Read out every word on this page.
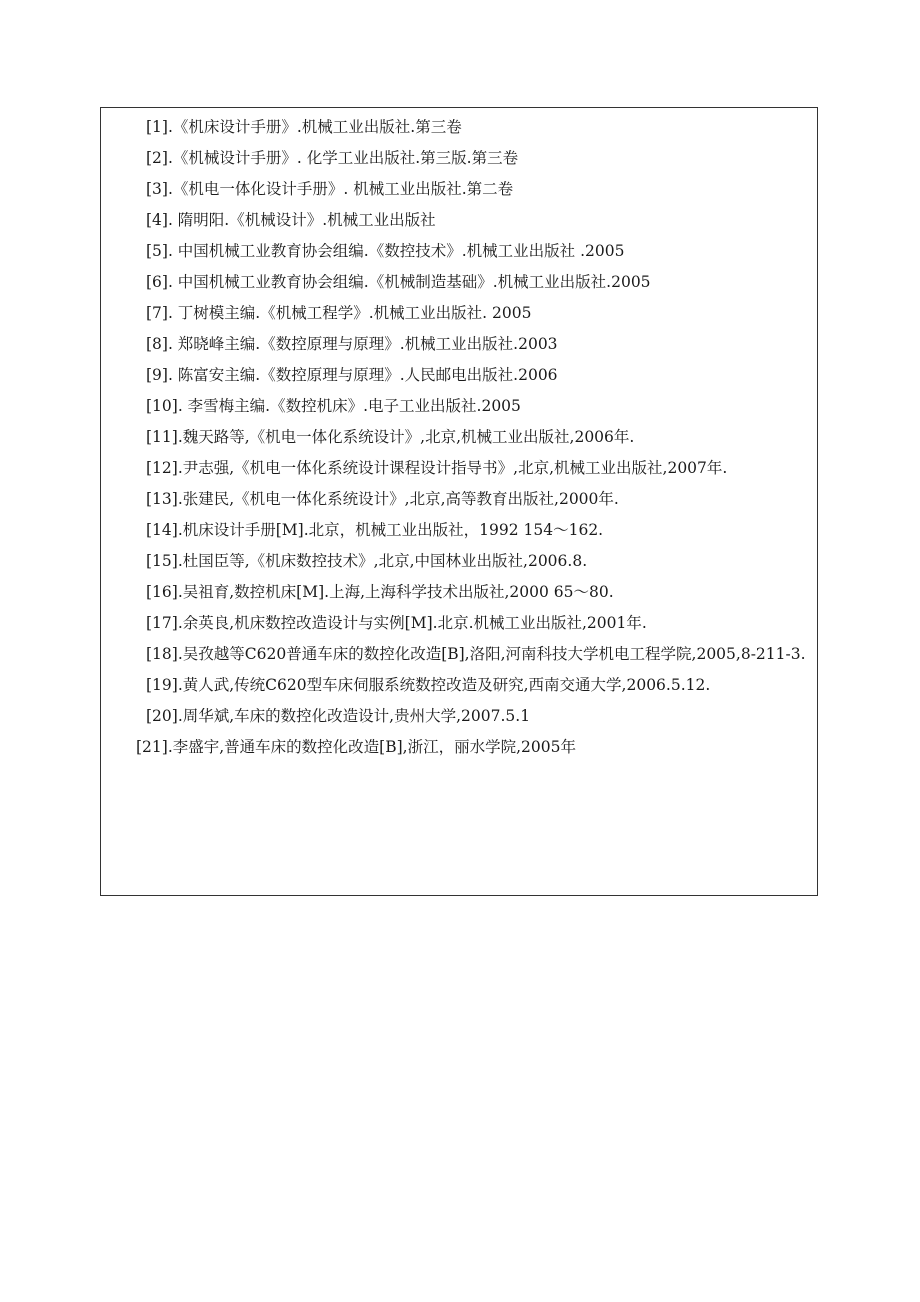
[1].《机床设计手册》.机械工业出版社.第三卷

[2].《机械设计手册》. 化学工业出版社.第三版.第三卷

[3].《机电一体化设计手册》. 机械工业出版社.第二卷

[4]. 隋明阳.《机械设计》.机械工业出版社

[5]. 中国机械工业教育协会组编.《数控技术》.机械工业出版社 .2005

[6]. 中国机械工业教育协会组编.《机械制造基础》.机械工业出版社.2005

[7]. 丁树模主编.《机械工程学》.机械工业出版社. 2005

[8]. 郑晓峰主编.《数控原理与原理》.机械工业出版社.2003

[9]. 陈富安主编.《数控原理与原理》.人民邮电出版社.2006

[10]. 李雪梅主编.《数控机床》.电子工业出版社.2005

[11].魏天路等,《机电一体化系统设计》,北京,机械工业出版社,2006年.

[12].尹志强,《机电一体化系统设计课程设计指导书》,北京,机械工业出版社,2007年.

[13].张建民,《机电一体化系统设计》,北京,高等教育出版社,2000年.

[14].机床设计手册[M].北京，机械工业出版社，1992 154～162.

[15].杜国臣等,《机床数控技术》,北京,中国林业出版社,2006.8.

[16].吴祖育,数控机床[M].上海,上海科学技术出版社,2000 65～80.

[17].余英良,机床数控改造设计与实例[M].北京.机械工业出版社,2001年.

[18].吴孜越等C620普通车床的数控化改造[B],洛阳,河南科技大学机电工程学院,2005,8-211-3.

[19].黄人武,传统C620型车床伺服系统数控改造及研究,西南交通大学,2006.5.12.

[20].周华斌,车床的数控化改造设计,贵州大学,2007.5.1

[21].李盛宇,普通车床的数控化改造[B],浙江，丽水学院,2005年
